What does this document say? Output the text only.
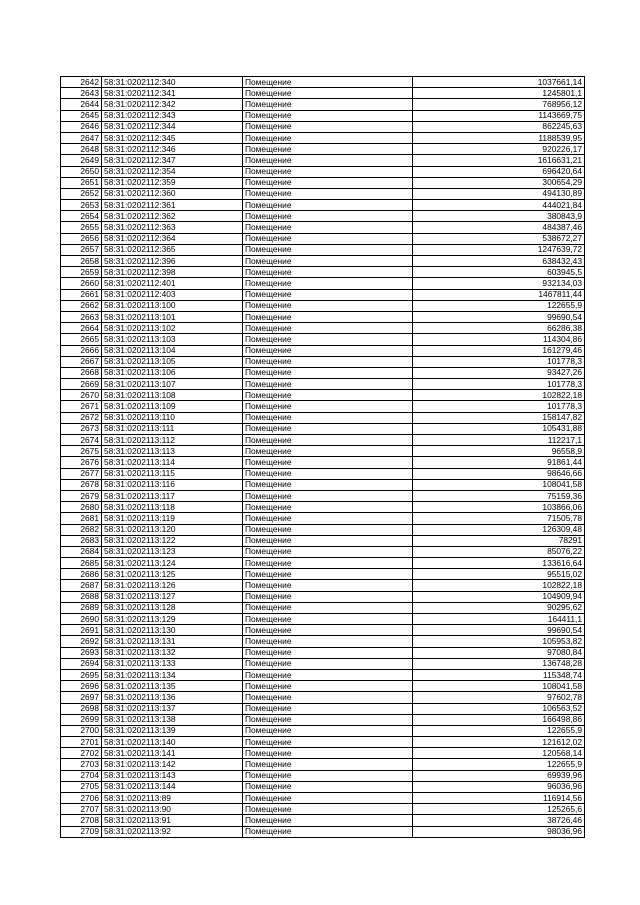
2642	58:31:0202112:340	Помещение	1037661,14
2643	58:31:0202112:341	Помещение	1245801,1
2644	58:31:0202112:342	Помещение	768956,12
2645	58:31:0202112:343	Помещение	1143669,75
2646	58:31:0202112:344	Помещение	862245,63
2647	58:31:0202112:345	Помещение	1188539,95
2648	58:31:0202112:346	Помещение	920226,17
2649	58:31:0202112:347	Помещение	1616631,21
2650	58:31:0202112:354	Помещение	696420,64
2651	58:31:0202112:359	Помещение	300654,29
2652	58:31:0202112:360	Помещение	494130,89
2653	58:31:0202112:361	Помещение	444021,84
2654	58:31:0202112:362	Помещение	380843,9
2655	58:31:0202112:363	Помещение	484387,46
2656	58:31:0202112:364	Помещение	538672,27
2657	58:31:0202112:365	Помещение	1247639,72
2658	58:31:0202112:396	Помещение	638432,43
2659	58:31:0202112:398	Помещение	603945,5
2660	58:31:0202112:401	Помещение	932134,03
2661	58:31:0202112:403	Помещение	1467811,44
2662	58:31:0202113:100	Помещение	122655,9
2663	58:31:0202113:101	Помещение	99690,54
2664	58:31:0202113:102	Помещение	66286,38
2665	58:31:0202113:103	Помещение	114304,86
2666	58:31:0202113:104	Помещение	161279,46
2667	58:31:0202113:105	Помещение	101778,3
2668	58:31:0202113:106	Помещение	93427,26
2669	58:31:0202113:107	Помещение	101778,3
2670	58:31:0202113:108	Помещение	102822,18
2671	58:31:0202113:109	Помещение	101778,3
2672	58:31:0202113:110	Помещение	158147,82
2673	58:31:0202113:111	Помещение	105431,88
2674	58:31:0202113:112	Помещение	112217,1
2675	58:31:0202113:113	Помещение	96558,9
2676	58:31:0202113:114	Помещение	91861,44
2677	58:31:0202113:115	Помещение	98646,66
2678	58:31:0202113:116	Помещение	108041,58
2679	58:31:0202113:117	Помещение	75159,36
2680	58:31:0202113:118	Помещение	103866,06
2681	58:31:0202113:119	Помещение	71505,78
2682	58:31:0202113:120	Помещение	126309,48
2683	58:31:0202113:122	Помещение	78291
2684	58:31:0202113:123	Помещение	85076,22
2685	58:31:0202113:124	Помещение	133616,64
2686	58:31:0202113:125	Помещение	95515,02
2687	58:31:0202113:126	Помещение	102822,18
2688	58:31:0202113:127	Помещение	104909,94
2689	58:31:0202113:128	Помещение	90295,62
2690	58:31:0202113:129	Помещение	164411,1
2691	58:31:0202113:130	Помещение	99690,54
2692	58:31:0202113:131	Помещение	105953,82
2693	58:31:0202113:132	Помещение	97080,84
2694	58:31:0202113:133	Помещение	136748,28
2695	58:31:0202113:134	Помещение	115348,74
2696	58:31:0202113:135	Помещение	108041,58
2697	58:31:0202113:136	Помещение	97602,78
2698	58:31:0202113:137	Помещение	106563,52
2699	58:31:0202113:138	Помещение	166498,86
2700	58:31:0202113:139	Помещение	122655,9
2701	58:31:0202113:140	Помещение	121612,02
2702	58:31:0202113:141	Помещение	120568,14
2703	58:31:0202113:142	Помещение	122655,9
2704	58:31:0202113:143	Помещение	69939,96
2705	58:31:0202113:144	Помещение	96036,96
2706	58:31:0202113:89	Помещение	116914,56
2707	58:31:0202113:90	Помещение	125265,6
2708	58:31:0202113:91	Помещение	38726,46
2709	58:31:0202113:92	Помещение	98036,96
